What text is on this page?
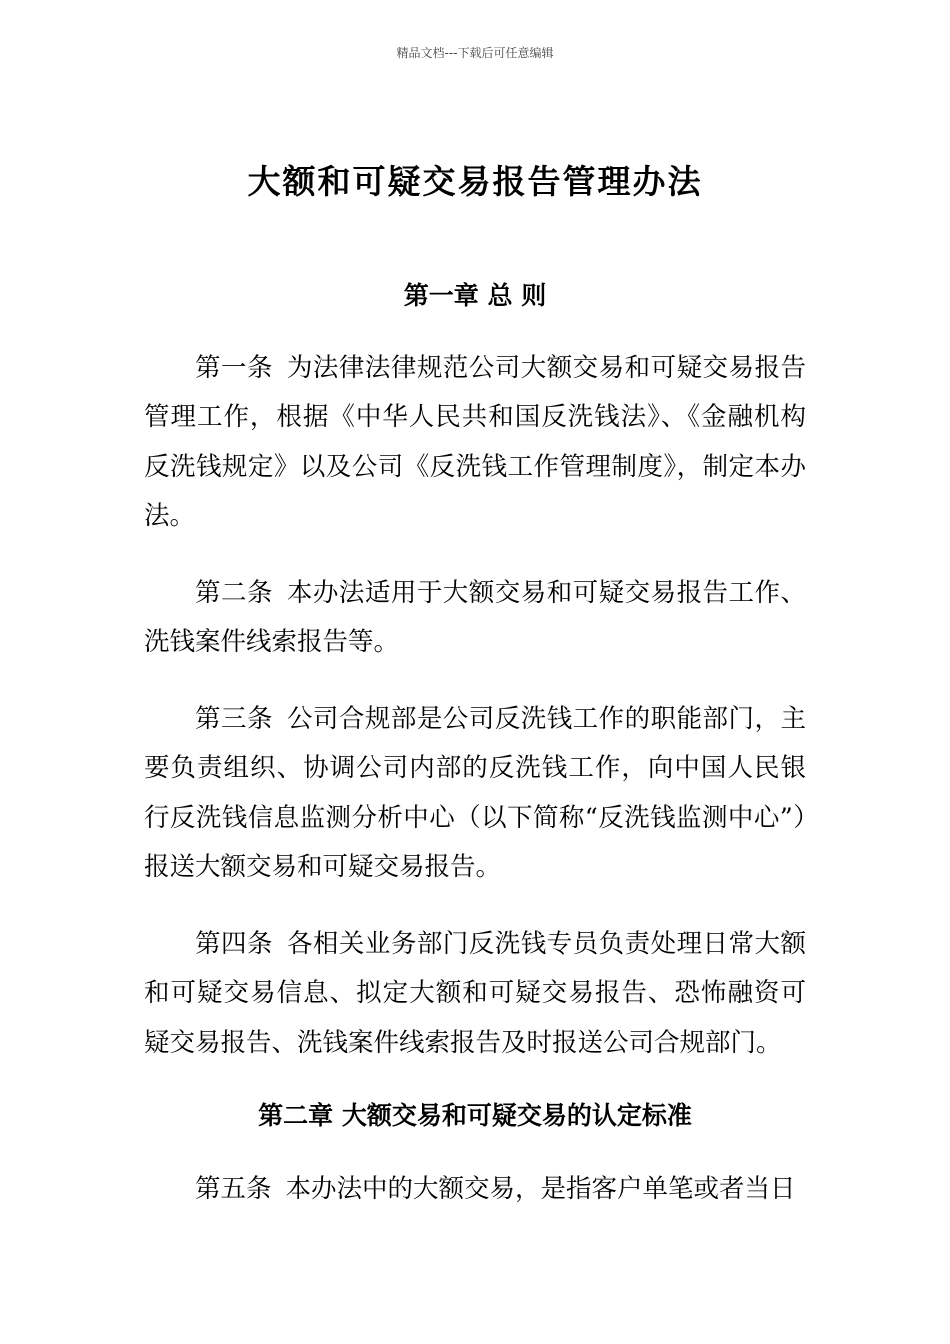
精品文档---下载后可任意编辑
大额和可疑交易报告管理办法
第一章 总 则
第一条 为法律法律规范公司大额交易和可疑交易报告管理工作，根据《中华人民共和国反洗钱法》、《金融机构反洗钱规定》以及公司《反洗钱工作管理制度》，制定本办法。
第二条 本办法适用于大额交易和可疑交易报告工作、洗钱案件线索报告等。
第三条 公司合规部是公司反洗钱工作的职能部门，主要负责组织、协调公司内部的反洗钱工作，向中国人民银行反洗钱信息监测分析中心（以下简称“反洗钱监测中心”）报送大额交易和可疑交易报告。
第四条 各相关业务部门反洗钱专员负责处理日常大额和可疑交易信息、拟定大额和可疑交易报告、恐怖融资可疑交易报告、洗钱案件线索报告及时报送公司合规部门。
第二章 大额交易和可疑交易的认定标准
第五条 本办法中的大额交易，是指客户单笔或者当日
